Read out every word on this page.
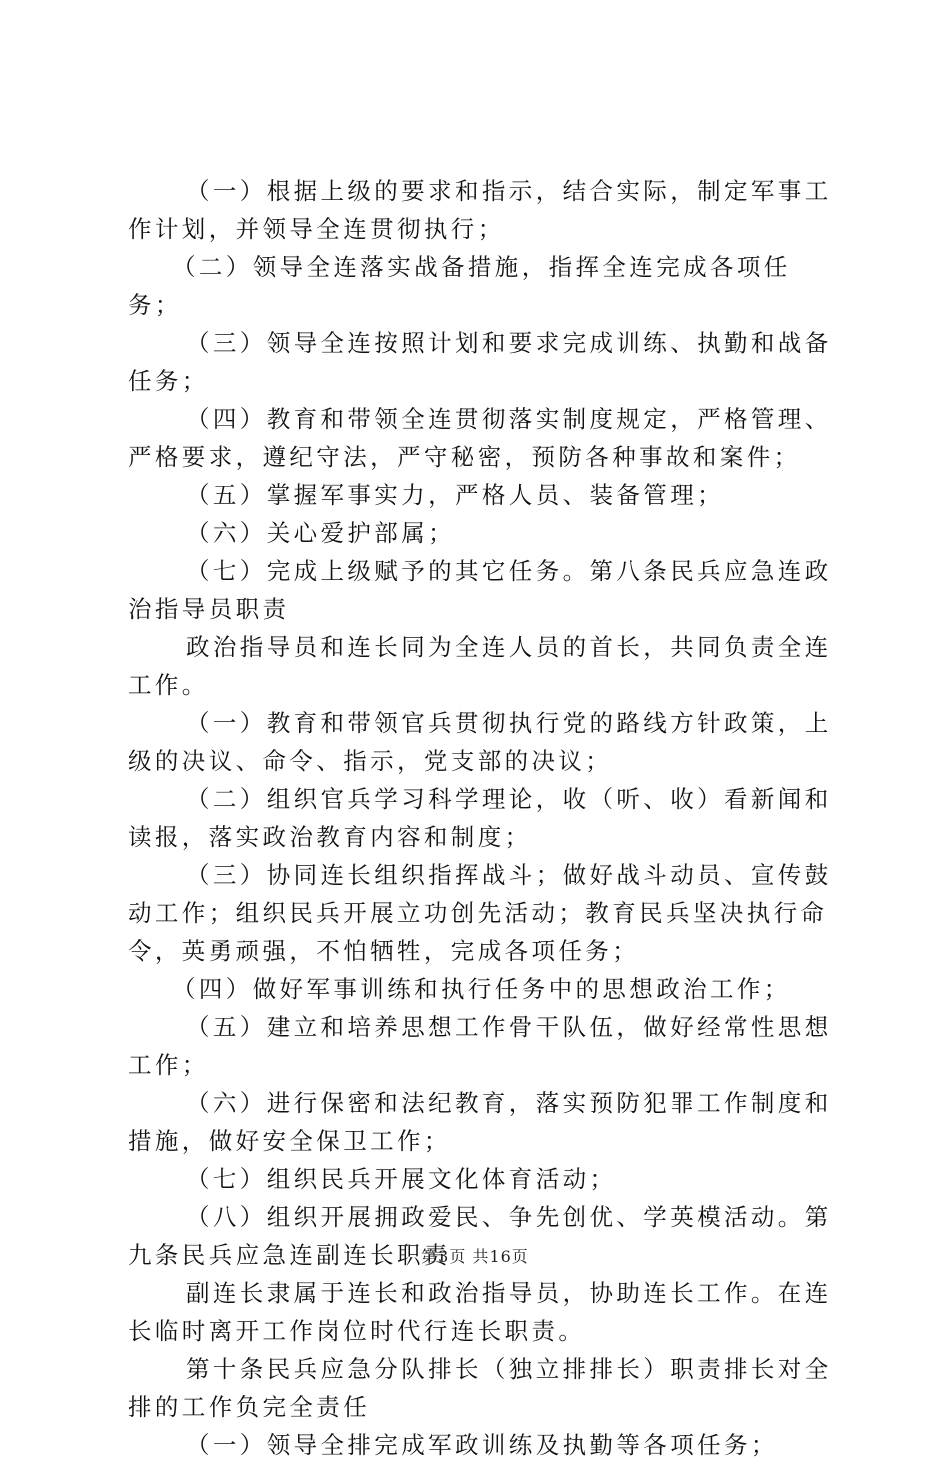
（一）根据上级的要求和指示，结合实际，制定军事工作计划，并领导全连贯彻执行；

（二）领导全连落实战备措施，指挥全连完成各项任务；

（三）领导全连按照计划和要求完成训练、执勤和战备任务；

（四）教育和带领全连贯彻落实制度规定，严格管理、严格要求，遵纪守法，严守秘密，预防各种事故和案件；

（五）掌握军事实力，严格人员、装备管理；

（六）关心爱护部属；

（七）完成上级赋予的其它任务。第八条民兵应急连政治指导员职责

政治指导员和连长同为全连人员的首长，共同负责全连工作。

（一）教育和带领官兵贯彻执行党的路线方针政策，上级的决议、命令、指示，党支部的决议；

（二）组织官兵学习科学理论，收（听、收）看新闻和读报，落实政治教育内容和制度；

（三）协同连长组织指挥战斗；做好战斗动员、宣传鼓动工作；组织民兵开展立功创先活动；教育民兵坚决执行命令，英勇顽强，不怕牺牲，完成各项任务；

（四）做好军事训练和执行任务中的思想政治工作；

（五）建立和培养思想工作骨干队伍，做好经常性思想工作；

（六）进行保密和法纪教育，落实预防犯罪工作制度和措施，做好安全保卫工作；

（七）组织民兵开展文化体育活动；

（八）组织开展拥政爱民、争先创优、学英模活动。第九条民兵应急连副连长职责

副连长隶属于连长和政治指导员，协助连长工作。在连长临时离开工作岗位时代行连长职责。

第十条民兵应急分队排长（独立排排长）职责排长对全排的工作负完全责任

（一）领导全排完成军政训练及执勤等各项任务；

第3页 共16页
